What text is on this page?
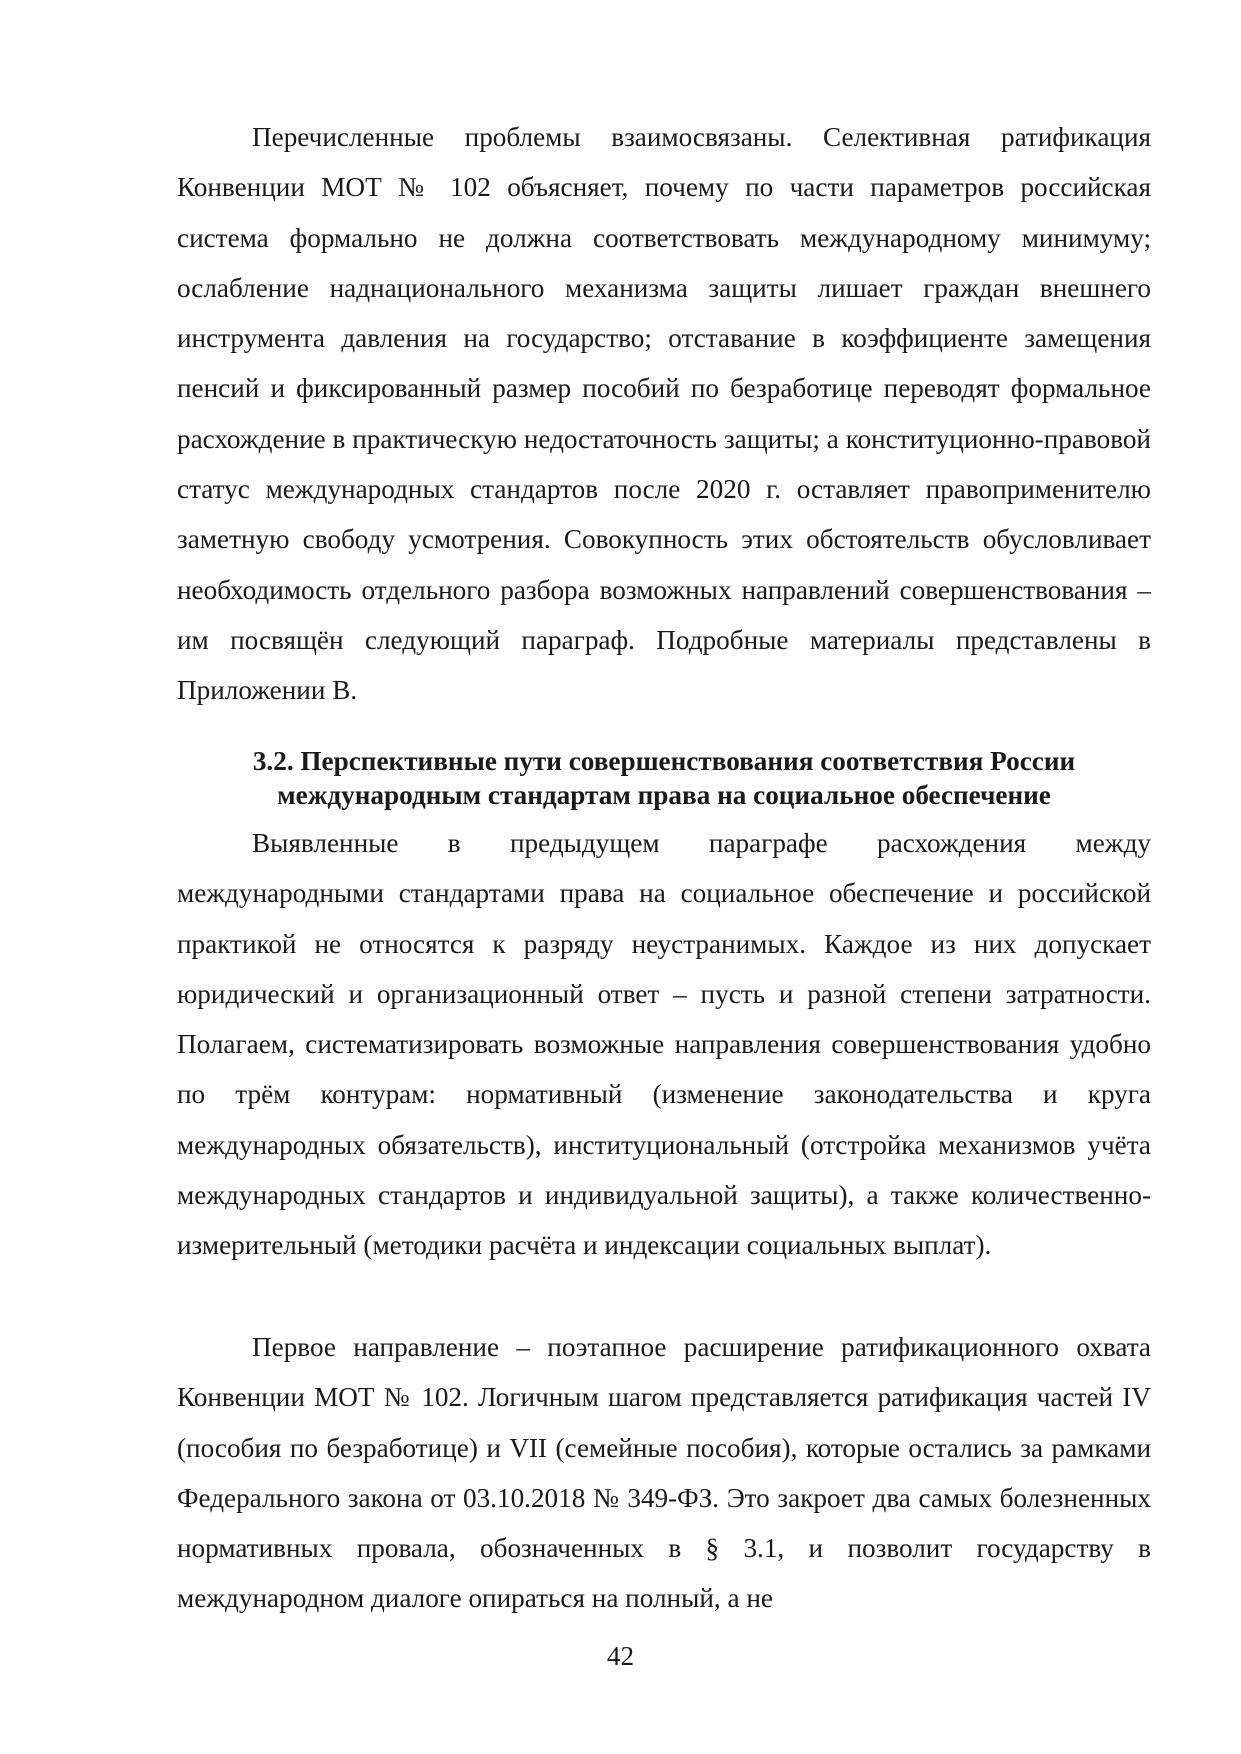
Перечисленные проблемы взаимосвязаны. Селективная ратификация Конвенции МОТ № 102 объясняет, почему по части параметров российская система формально не должна соответствовать международному минимуму; ослабление наднационального механизма защиты лишает граждан внешнего инструмента давления на государство; отставание в коэффициенте замещения пенсий и фиксированный размер пособий по безработице переводят формальное расхождение в практическую недостаточность защиты; а конституционно-правовой статус международных стандартов после 2020 г. оставляет правоприменителю заметную свободу усмотрения. Совокупность этих обстоятельств обусловливает необходимость отдельного разбора возможных направлений совершенствования – им посвящён следующий параграф. Подробные материалы представлены в Приложении В.

3.2. Перспективные пути совершенствования соответствия России
международным стандартам права на социальное обеспечение

Выявленные в предыдущем параграфе расхождения между международными стандартами права на социальное обеспечение и российской практикой не относятся к разряду неустранимых. Каждое из них допускает юридический и организационный ответ – пусть и разной степени затратности. Полагаем, систематизировать возможные направления совершенствования удобно по трём контурам: нормативный (изменение законодательства и круга международных обязательств), институциональный (отстройка механизмов учёта международных стандартов и индивидуальной защиты), а также количественно-измерительный (методики расчёта и индексации социальных выплат).

Первое направление – поэтапное расширение ратификационного охвата Конвенции МОТ № 102. Логичным шагом представляется ратификация частей IV (пособия по безработице) и VII (семейные пособия), которые остались за рамками Федерального закона от 03.10.2018 № 349-ФЗ. Это закроет два самых болезненных нормативных провала, обозначенных в § 3.1, и позволит государству в международном диалоге опираться на полный, а не

42
